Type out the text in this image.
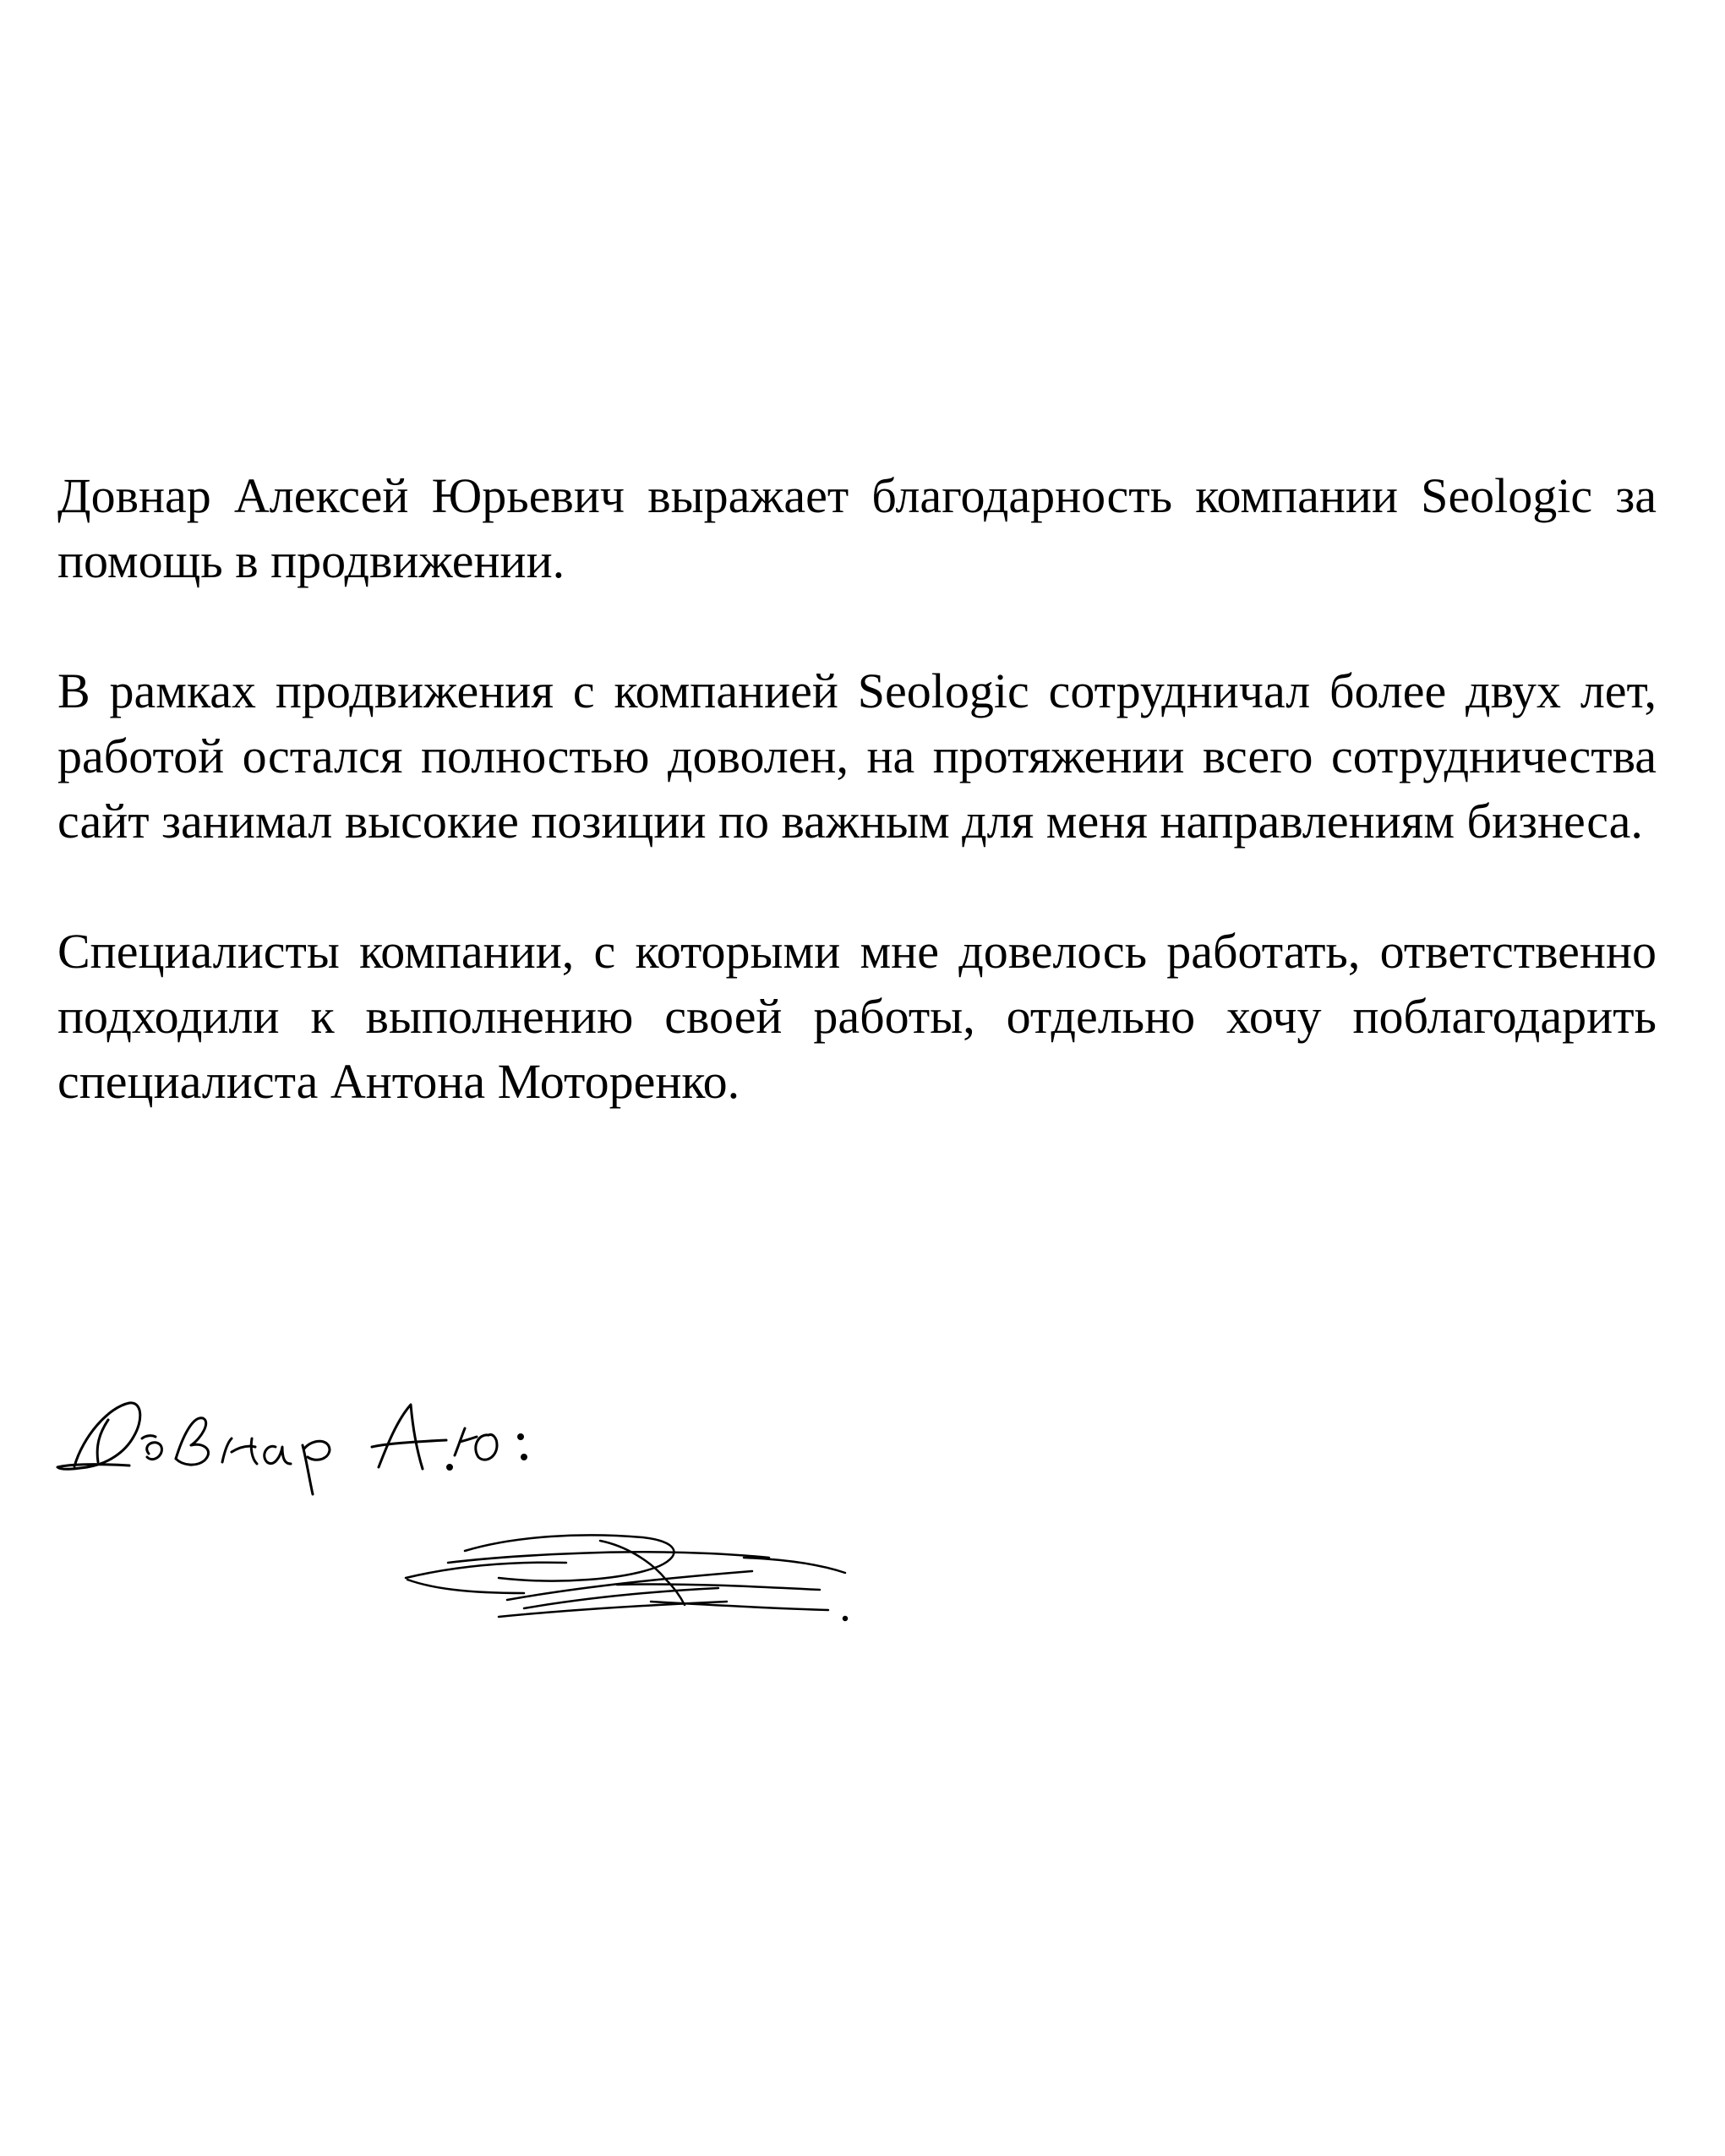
Довнар Алексей Юрьевич выражает благодарность компании Seologic за помощь в продвижении.

В рамках продвижения с компанией Seologic сотрудничал более двух лет, работой остался полностью доволен, на протяжении всего сотрудничества сайт занимал высокие позиции по важным для меня направлениям бизнеса.

Специалисты компании, с которыми мне довелось работать, ответственно подходили к выполнению своей работы, отдельно хочу поблагодарить специалиста Антона Моторенко.
